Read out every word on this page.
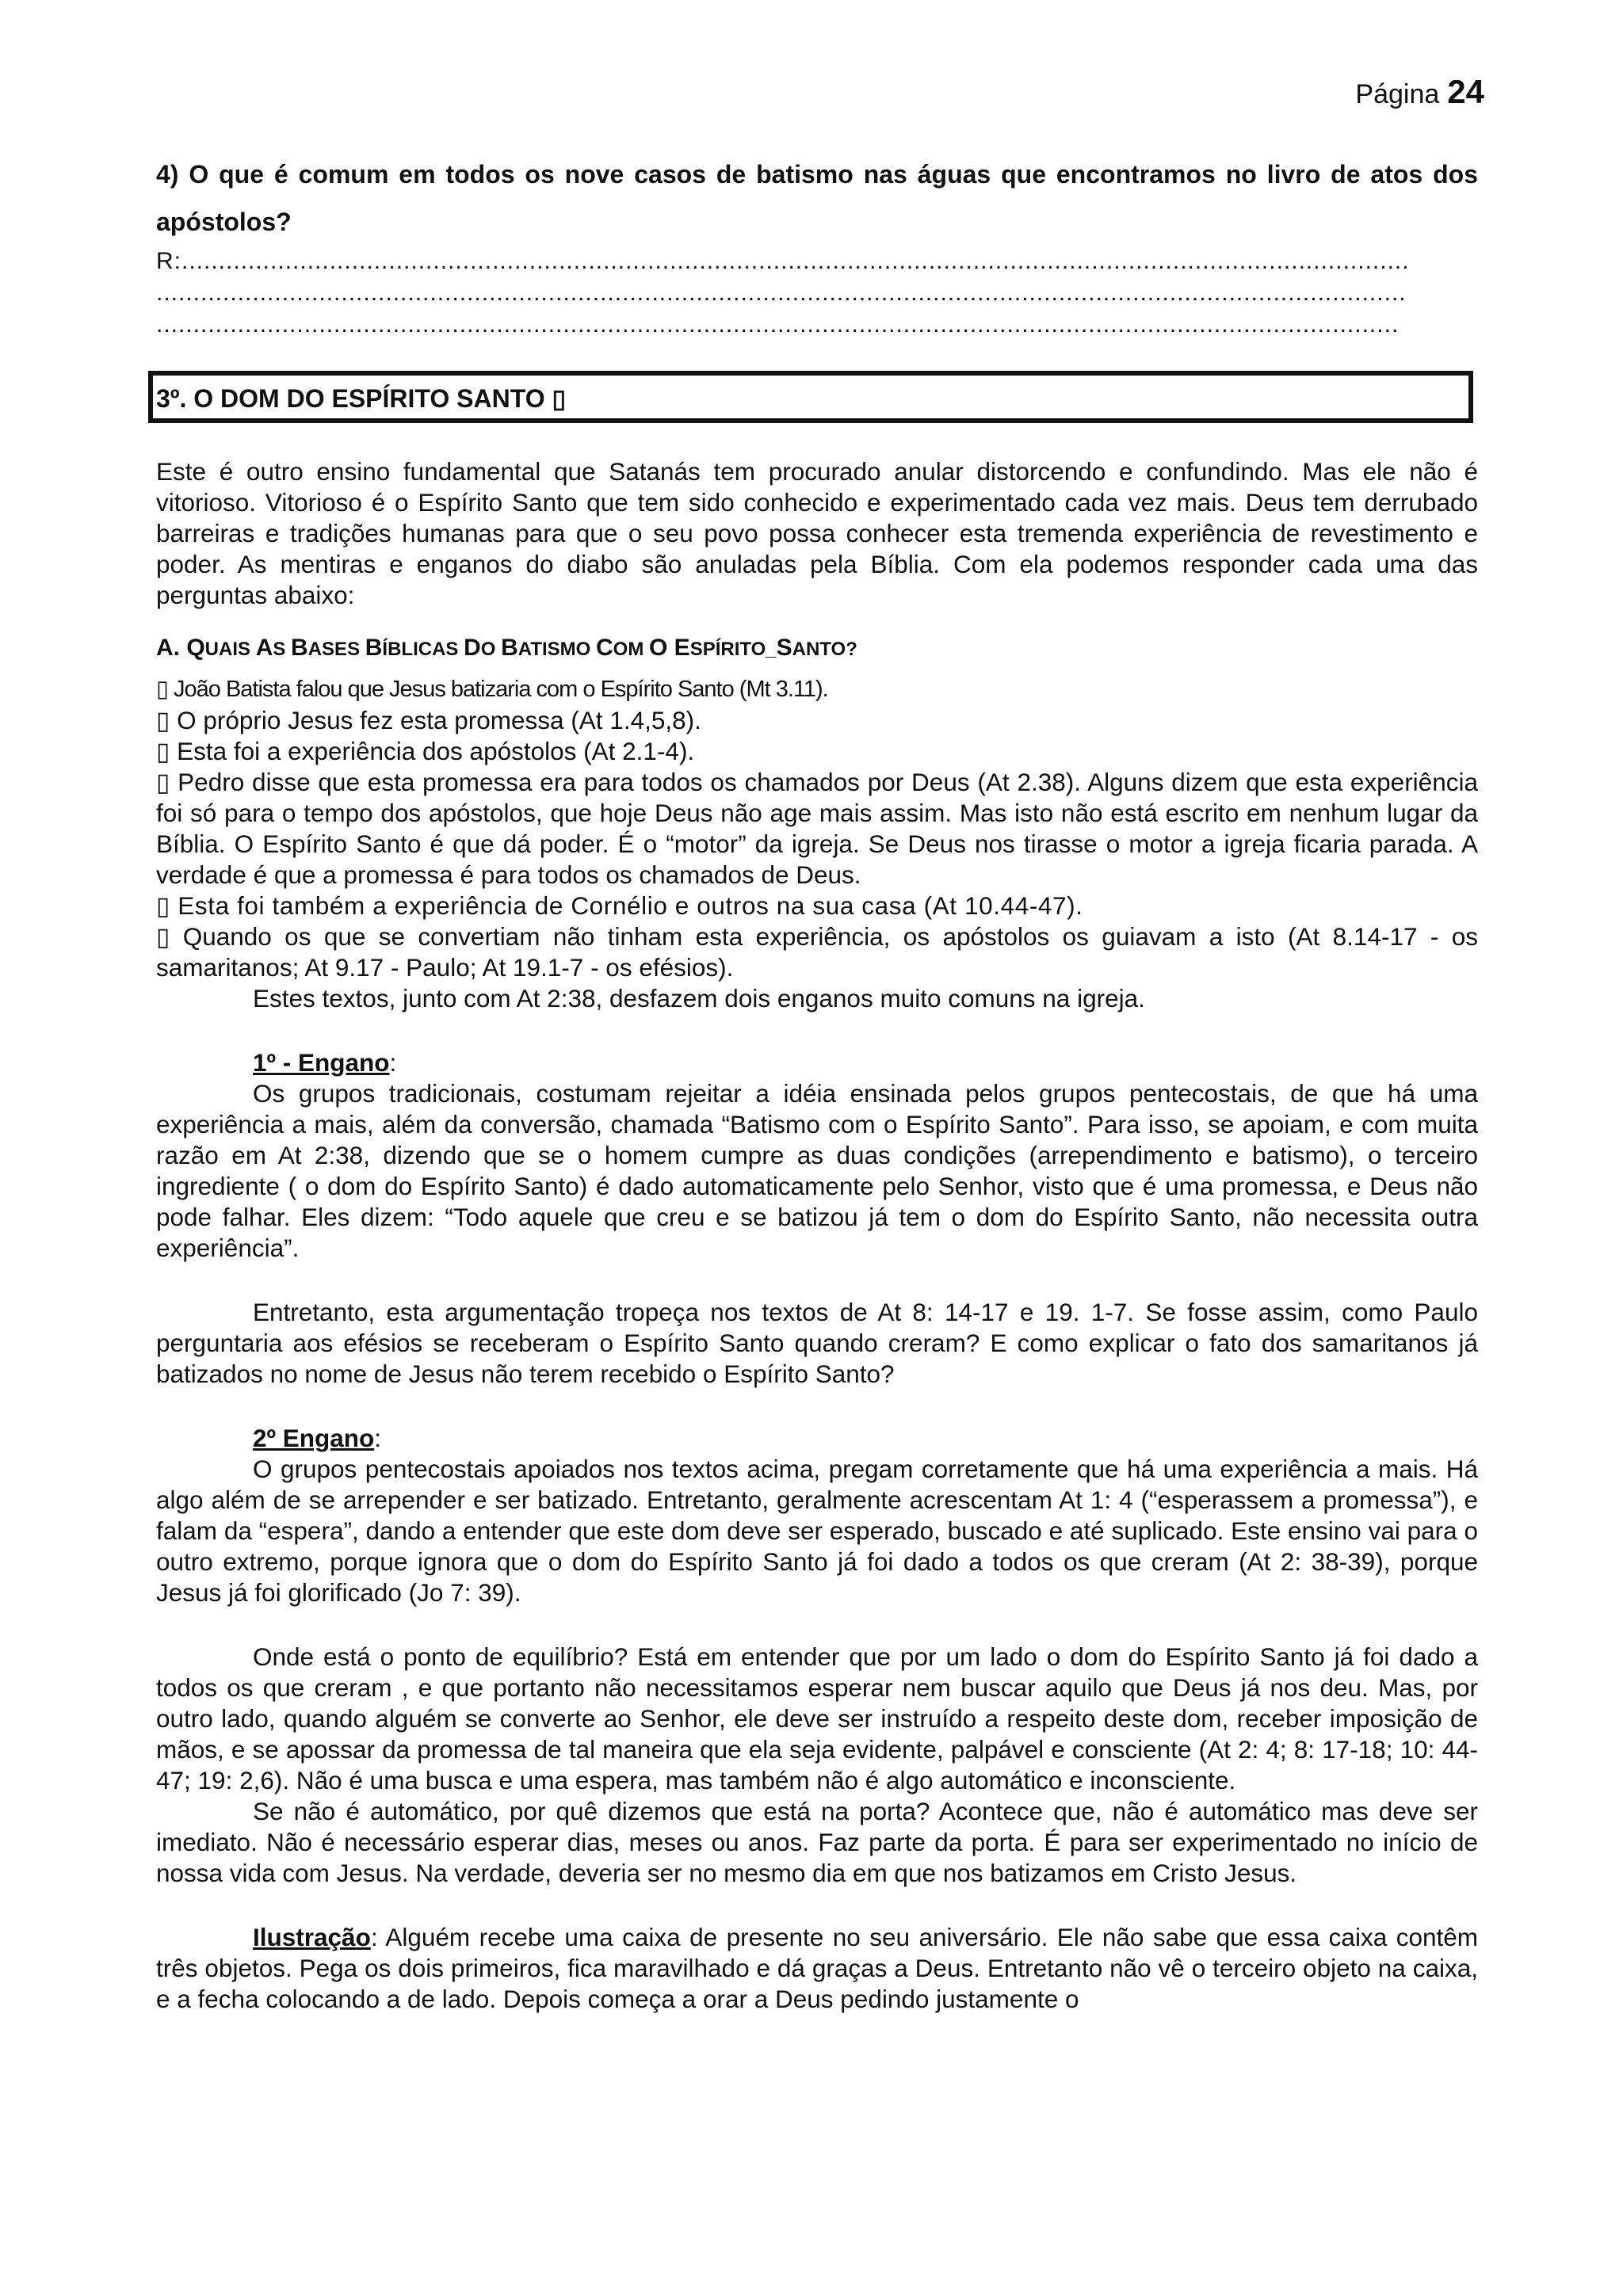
Página 24

4) O que é comum em todos os nove casos de batismo nas águas que encontramos no livro de atos dos apóstolos?

R:......................................................................................................................................................................
.........................................................................................................................................................................
........................................................................................................................................................................
3º. O DOM DO ESPÍRITO SANTO ▯

Este é outro ensino fundamental que Satanás tem procurado anular distorcendo e confundindo. Mas ele não é vitorioso. Vitorioso é o Espírito Santo que tem sido conhecido e experimentado cada vez mais. Deus tem derrubado barreiras e tradições humanas para que o seu povo possa conhecer esta tremenda experiência de revestimento e poder. As mentiras e enganos do diabo são anuladas pela Bíblia. Com ela podemos responder cada uma das perguntas abaixo:

A. QUAIS AS BASES BÍBLICAS DO BATISMO COM O ESPÍRITO_SANTO?

▯ João Batista falou que Jesus batizaria com o Espírito Santo (Mt 3.11).

▯ O próprio Jesus fez esta promessa (At 1.4,5,8).

▯ Esta foi a experiência dos apóstolos (At 2.1-4).

▯ Pedro disse que esta promessa era para todos os chamados por Deus (At 2.38). Alguns dizem que esta experiência foi só para o tempo dos apóstolos, que hoje Deus não age mais assim. Mas isto não está escrito em nenhum lugar da Bíblia. O Espírito Santo é que dá poder. É o “motor” da igreja. Se Deus nos tirasse o motor a igreja ficaria parada. A verdade é que a promessa é para todos os chamados de Deus.

▯ Esta foi também a experiência de Cornélio e outros na sua casa (At 10.44-47).

▯ Quando os que se convertiam não tinham esta experiência, os apóstolos os guiavam a isto (At 8.14-17 - os samaritanos; At 9.17 - Paulo; At 19.1-7 - os efésios).

Estes textos, junto com At 2:38, desfazem dois enganos muito comuns na igreja.

1º - Engano:

Os grupos tradicionais, costumam rejeitar a idéia ensinada pelos grupos pentecostais, de que há uma experiência a mais, além da conversão, chamada “Batismo com o Espírito Santo”. Para isso, se apoiam, e com muita razão em At 2:38, dizendo que se o homem cumpre as duas condições (arrependimento e batismo), o terceiro ingrediente ( o dom do Espírito Santo) é dado automaticamente pelo Senhor, visto que é uma promessa, e Deus não pode falhar. Eles dizem: “Todo aquele que creu e se batizou já tem o dom do Espírito Santo, não necessita outra experiência”.

Entretanto, esta argumentação tropeça nos textos de At 8: 14-17 e 19. 1-7. Se fosse assim, como Paulo perguntaria aos efésios se receberam o Espírito Santo quando creram? E como explicar o fato dos samaritanos já batizados no nome de Jesus não terem recebido o Espírito Santo?

2º Engano:

O grupos pentecostais apoiados nos textos acima, pregam corretamente que há uma experiência a mais. Há algo além de se arrepender e ser batizado. Entretanto, geralmente acrescentam At 1: 4 (“esperassem a promessa”), e falam da “espera”, dando a entender que este dom deve ser esperado, buscado e até suplicado. Este ensino vai para o outro extremo, porque ignora que o dom do Espírito Santo já foi dado a todos os que creram (At 2: 38-39), porque Jesus já foi glorificado (Jo 7: 39).

Onde está o ponto de equilíbrio? Está em entender que por um lado o dom do Espírito Santo já foi dado a todos os que creram , e que portanto não necessitamos esperar nem buscar aquilo que Deus já nos deu. Mas, por outro lado, quando alguém se converte ao Senhor, ele deve ser instruído a respeito deste dom, receber imposição de mãos, e se apossar da promessa de tal maneira que ela seja evidente, palpável e consciente (At 2: 4; 8: 17-18; 10: 44-47; 19: 2,6). Não é uma busca e uma espera, mas também não é algo automático e inconsciente.

Se não é automático, por quê dizemos que está na porta? Acontece que, não é automático mas deve ser imediato. Não é necessário esperar dias, meses ou anos. Faz parte da porta. É para ser experimentado no início de nossa vida com Jesus. Na verdade, deveria ser no mesmo dia em que nos batizamos em Cristo Jesus.

Ilustração: Alguém recebe uma caixa de presente no seu aniversário. Ele não sabe que essa caixa contêm três objetos. Pega os dois primeiros, fica maravilhado e dá graças a Deus. Entretanto não vê o terceiro objeto na caixa, e a fecha colocando a de lado. Depois começa a orar a Deus pedindo justamente o
